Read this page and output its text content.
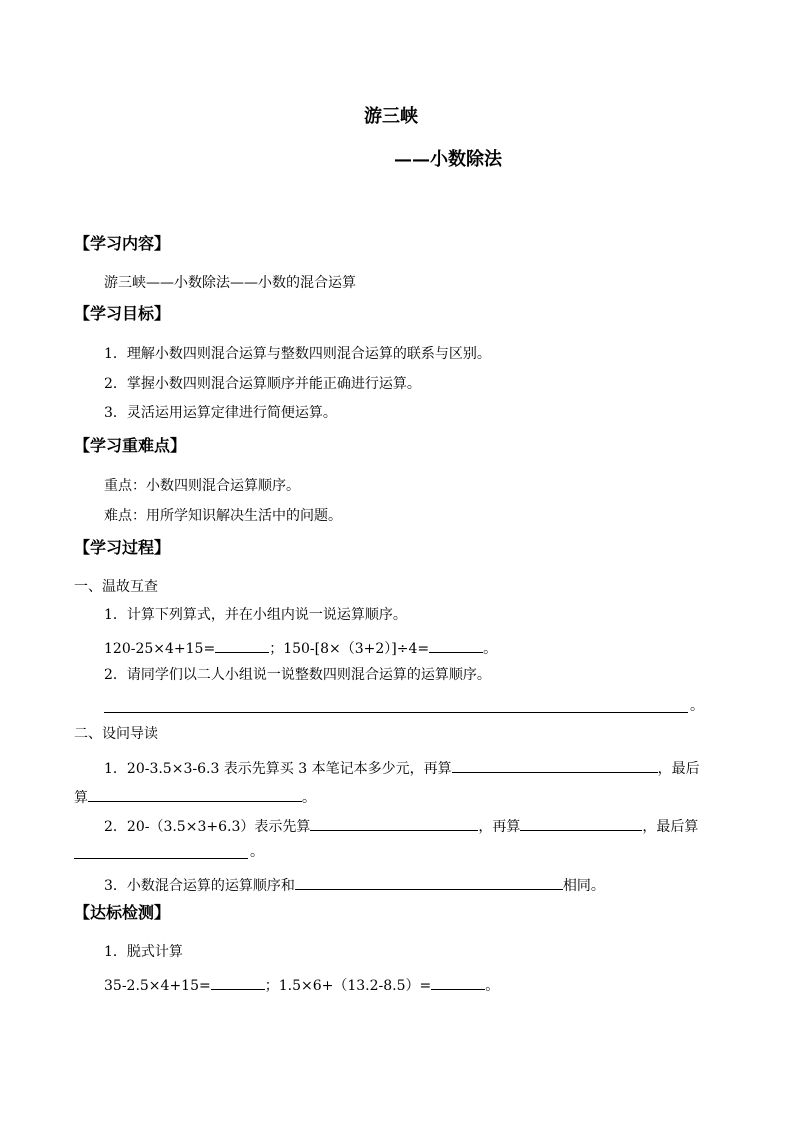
游三峡
——小数除法
【学习内容】
游三峡——小数除法——小数的混合运算
【学习目标】
1．理解小数四则混合运算与整数四则混合运算的联系与区别。
2．掌握小数四则混合运算顺序并能正确进行运算。
3．灵活运用运算定律进行简便运算。
【学习重难点】
重点：小数四则混合运算顺序。
难点：用所学知识解决生活中的问题。
【学习过程】
一、温故互查
1．计算下列算式，并在小组内说一说运算顺序。
120-25×4+15=	；150-[8×（3+2）]÷4=	。
2．请同学们以二人小组说一说整数四则混合运算的运算顺序。
。
二、设问导读
1．20-3.5×3-6.3 表示先算买 3 本笔记本多少元，再算	，最后
算	。
2．20-（3.5×3+6.3）表示先算	，再算	，最后算
。
3．小数混合运算的运算顺序和	相同。
【达标检测】
1．脱式计算
35-2.5×4+15=	；1.5×6+（13.2-8.5）=	。
